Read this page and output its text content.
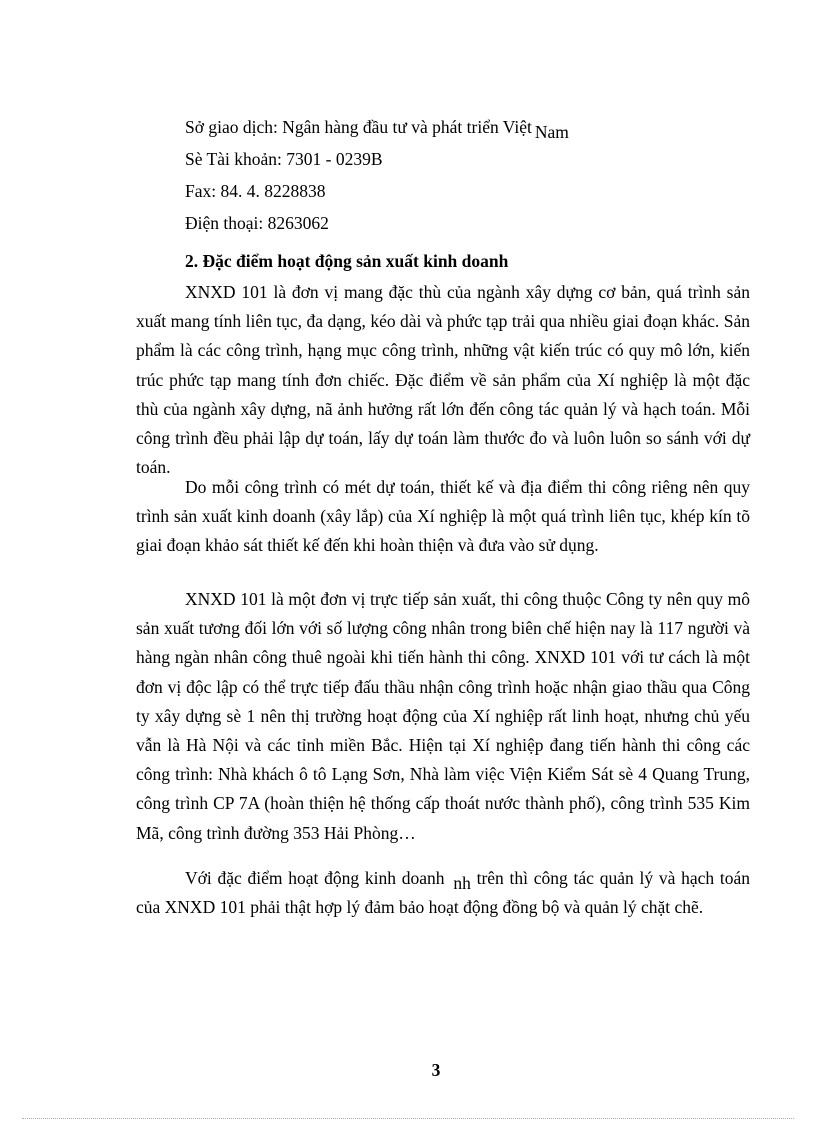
Sở giao dịch: Ngân hàng đầu tư và phát triển Việt Nam
Sè Tài khoản: 7301 - 0239B
Fax: 84. 4. 8228838
Điện thoại: 8263062
2. Đặc điểm hoạt động sản xuất kinh doanh

XNXD 101 là đơn vị mang đặc thù của ngành xây dựng cơ bản, quá trình sản xuất mang tính liên tục, đa dạng, kéo dài và phức tạp trải qua nhiều giai đoạn khác. Sản phẩm là các công trình, hạng mục công trình, những vật kiến trúc có quy mô lớn, kiến trúc phức tạp mang tính đơn chiếc. Đặc điểm về sản phẩm của Xí nghiệp là một đặc thù của ngành xây dựng, nã ảnh hưởng rất lớn đến công tác quản lý và hạch toán. Mỗi công trình đều phải lập dự toán, lấy dự toán làm thước đo và luôn luôn so sánh với dự toán.

Do mỗi công trình có mét dự toán, thiết kế và địa điểm thi công riêng nên quy trình sản xuất kinh doanh (xây lắp) của Xí nghiệp là một quá trình liên tục, khép kín tõ giai đoạn khảo sát thiết kế đến khi hoàn thiện và đưa vào sử dụng.

XNXD 101 là một đơn vị trực tiếp sản xuất, thi công thuộc Công ty nên quy mô sản xuất tương đối lớn với số lượng công nhân trong biên chế hiện nay là 117 người và hàng ngàn nhân công thuê ngoài khi tiến hành thi công. XNXD 101 với tư cách là một đơn vị độc lập có thể trực tiếp đấu thầu nhận công trình hoặc nhận giao thầu qua Công ty xây dựng sè 1 nên thị trường hoạt động của Xí nghiệp rất linh hoạt, nhưng chủ yếu vẫn là Hà Nội và các tỉnh miền Bắc. Hiện tại Xí nghiệp đang tiến hành thi công các công trình: Nhà khách ô tô Lạng Sơn, Nhà làm việc Viện Kiểm Sát sè 4 Quang Trung, công trình CP 7A (hoàn thiện hệ thống cấp thoát nước thành phố), công trình 535 Kim Mã, công trình đường 353 Hải Phòng…

Với đặc điểm hoạt động kinh doanh nh trên thì công tác quản lý và hạch toán của XNXD 101 phải thật hợp lý đảm bảo hoạt động đồng bộ và quản lý chặt chẽ.

3
